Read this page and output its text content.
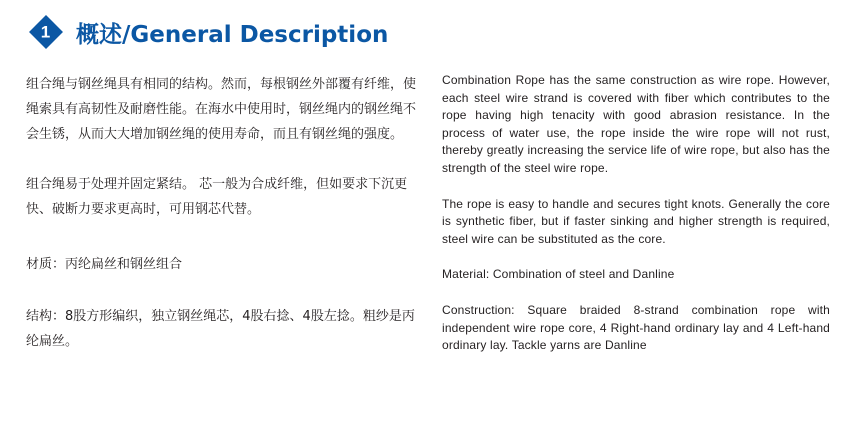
1 概述/General Description

组合绳与钢丝绳具有相同的结构。然而，每根钢丝外部覆有纤维，使绳索具有高韧性及耐磨性能。在海水中使用时，钢丝绳内的钢丝绳不会生锈，从而大大增加钢丝绳的使用寿命，而且有钢丝绳的强度。

组合绳易于处理并固定紧结。 芯一般为合成纤维，但如要求下沉更快、破断力要求更高时，可用钢芯代替。

材质：丙纶扁丝和钢丝组合

结构：8股方形编织，独立钢丝绳芯，4股右捻、4股左捻。粗纱是丙纶扁丝。

Combination Rope has the same construction as wire rope. However, each steel wire strand is covered with fiber which contributes to the rope having high tenacity with good abrasion resistance. In the process of water use, the rope inside the wire rope will not rust, thereby greatly increasing the service life of wire rope, but also has the strength of the steel wire rope.

The rope is easy to handle and secures tight knots. Generally the core is synthetic fiber, but if faster sinking and higher strength is required, steel wire can be substituted as the core.

Material: Combination of steel and Danline

Construction: Square braided 8-strand combination rope with independent wire rope core, 4 Right-hand ordinary lay and 4 Left-hand ordinary lay. Tackle yarns are Danline
